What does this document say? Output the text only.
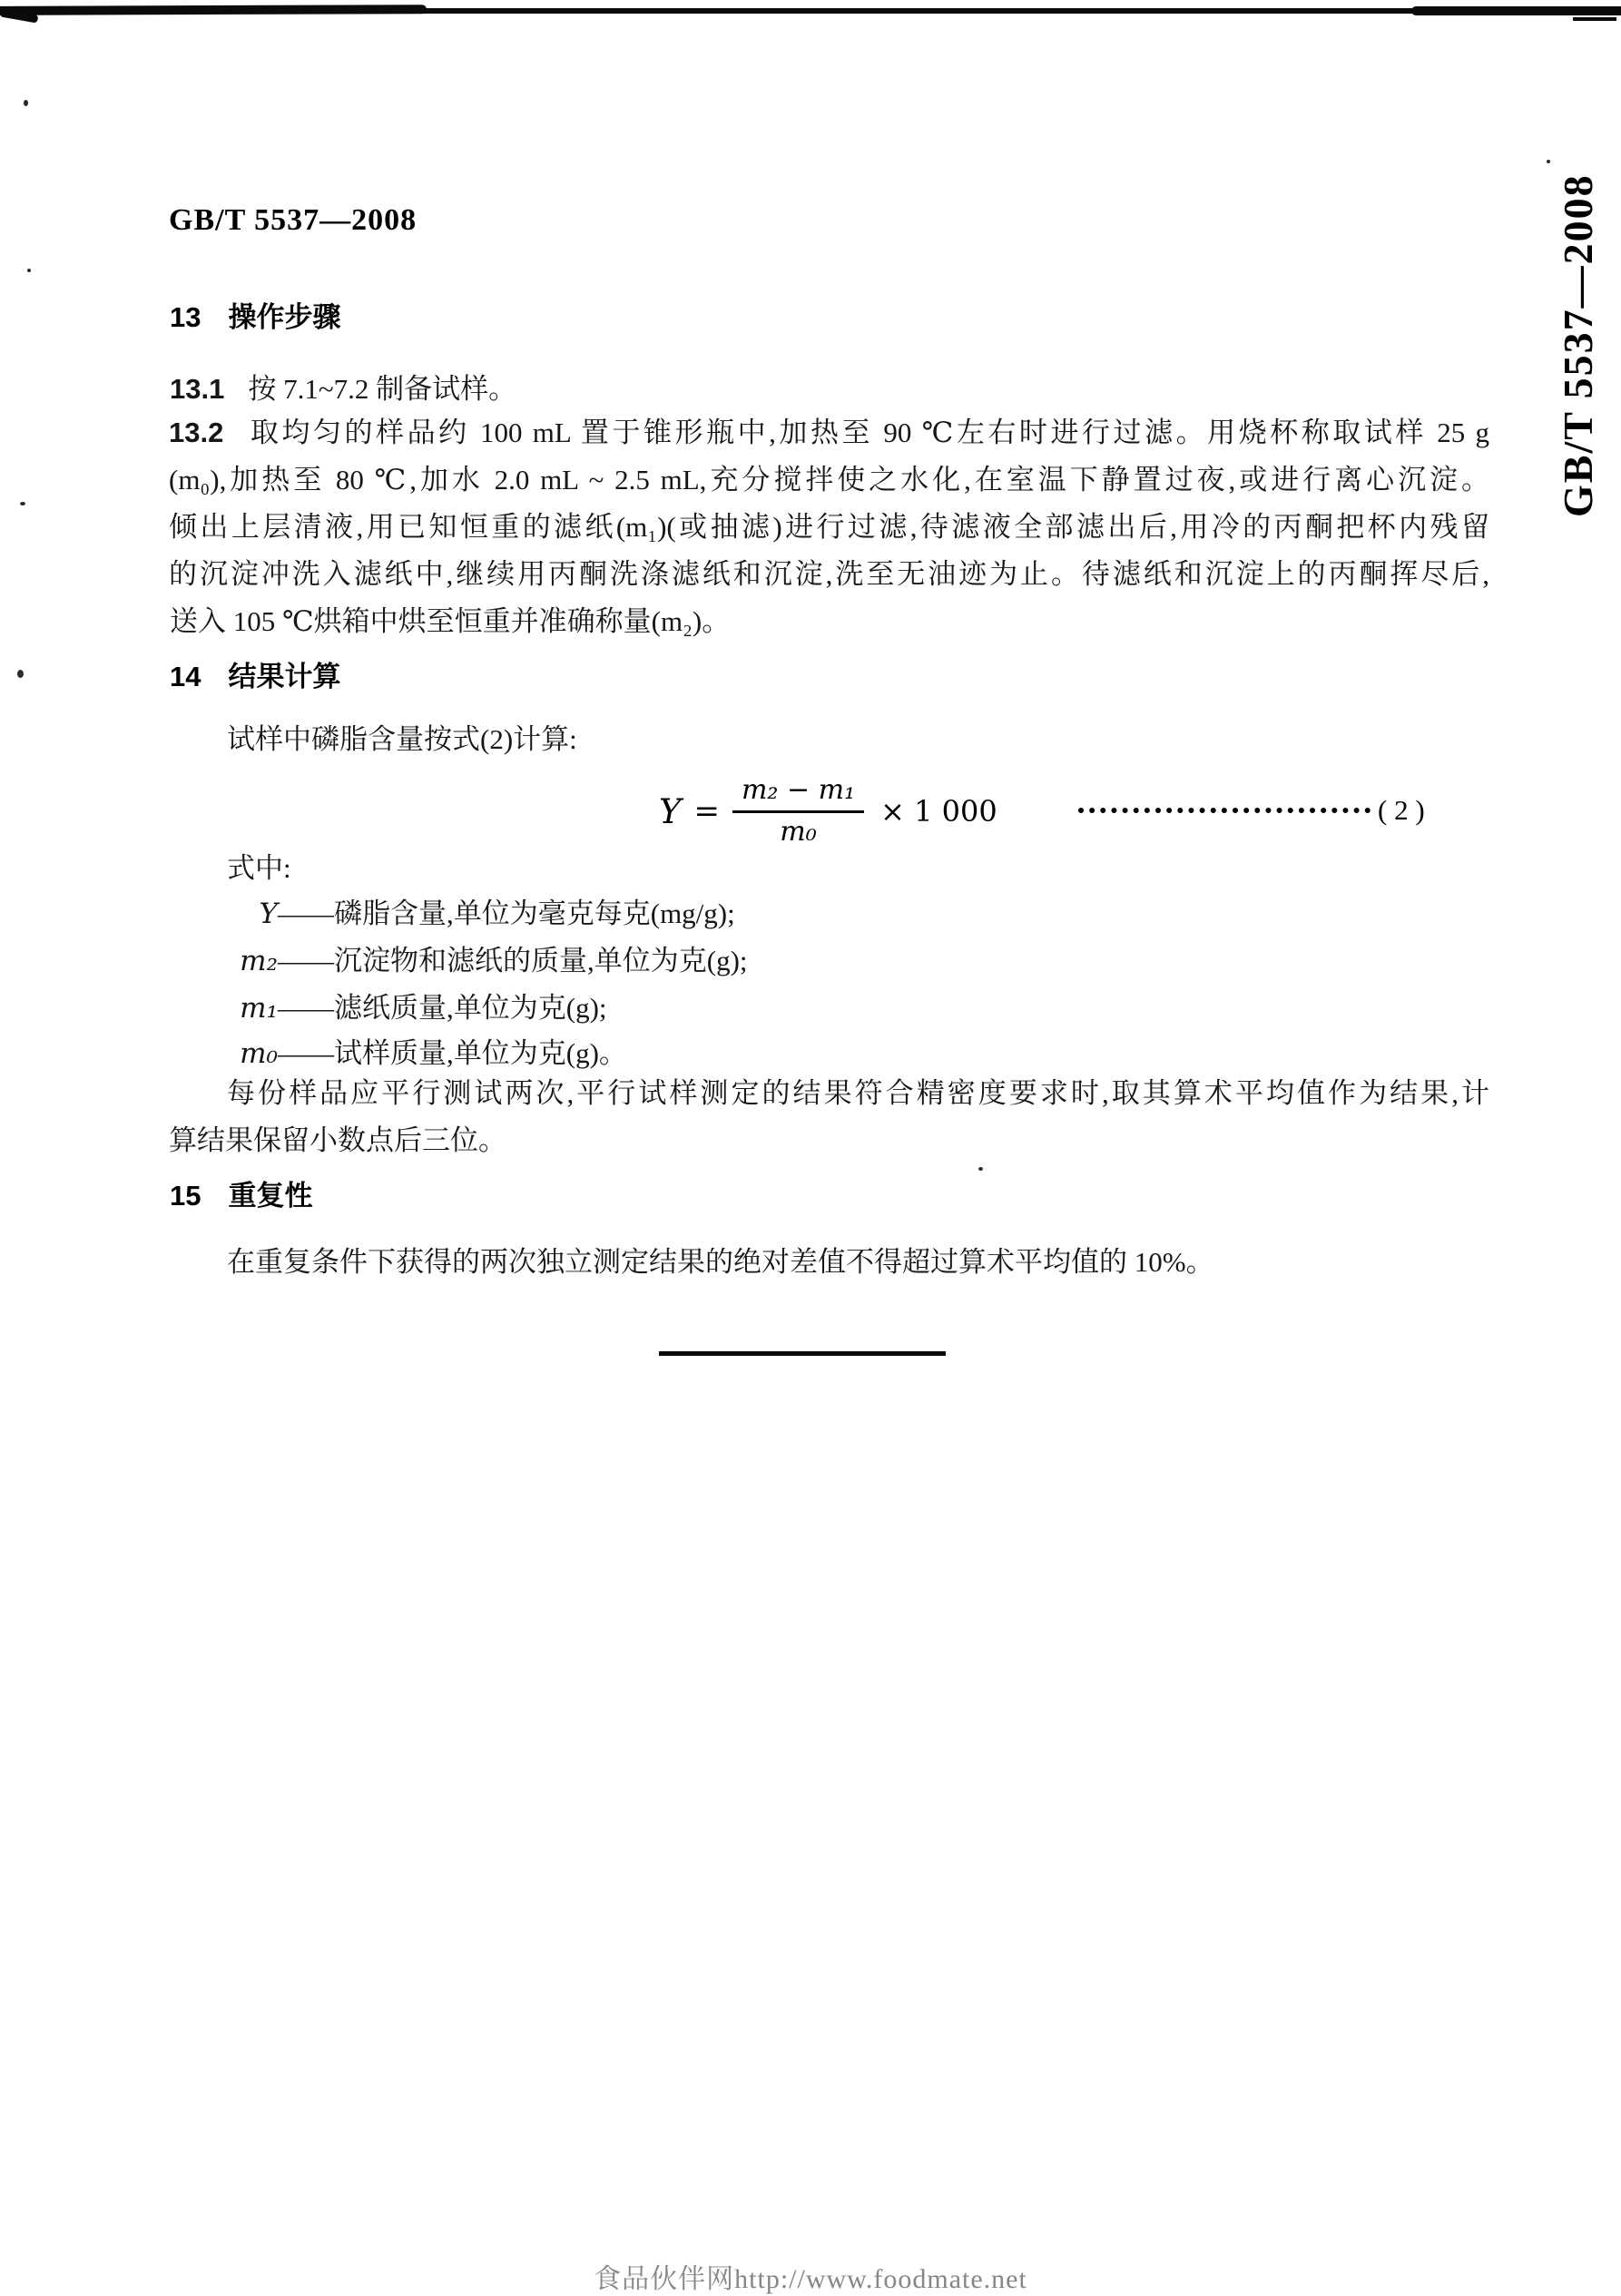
GB/T 5537—2008	GB/T 5537—2008
13 操作步骤
13.1 按 7.1~7.2 制备试样。
13.2 取均匀的样品约 100 mL 置于锥形瓶中,加热至 90 ℃左右时进行过滤。用烧杯称取试样 25 g
(m₀),加热至 80 ℃,加水 2.0 mL ~ 2.5 mL,充分搅拌使之水化,在室温下静置过夜,或进行离心沉淀。
倾出上层清液,用已知恒重的滤纸(m₁)(或抽滤)进行过滤,待滤液全部滤出后,用冷的丙酮把杯内残留
的沉淀冲洗入滤纸中,继续用丙酮洗涤滤纸和沉淀,洗至无油迹为止。待滤纸和沉淀上的丙酮挥尽后,
送入 105 ℃烘箱中烘至恒重并准确称量(m₂)。
14 结果计算
试样中磷脂含量按式(2)计算:
$Y = \frac{\text{m₂ − m₁}}{\text{m₀}} \times 1$ 000	( 2 )
式中:
Y ——磷脂含量,单位为毫克每克(mg/g);
m₂ ——沉淀物和滤纸的质量,单位为克(g);
m₁ ——滤纸质量,单位为克(g);
m₀ ——试样质量,单位为克(g)。
每份样品应平行测试两次,平行试样测定的结果符合精密度要求时,取其算术平均值作为结果,计
算结果保留小数点后三位。
15 重复性
在重复条件下获得的两次独立测定结果的绝对差值不得超过算术平均值的 10%。
食品伙伴网http://www.foodmate.net
